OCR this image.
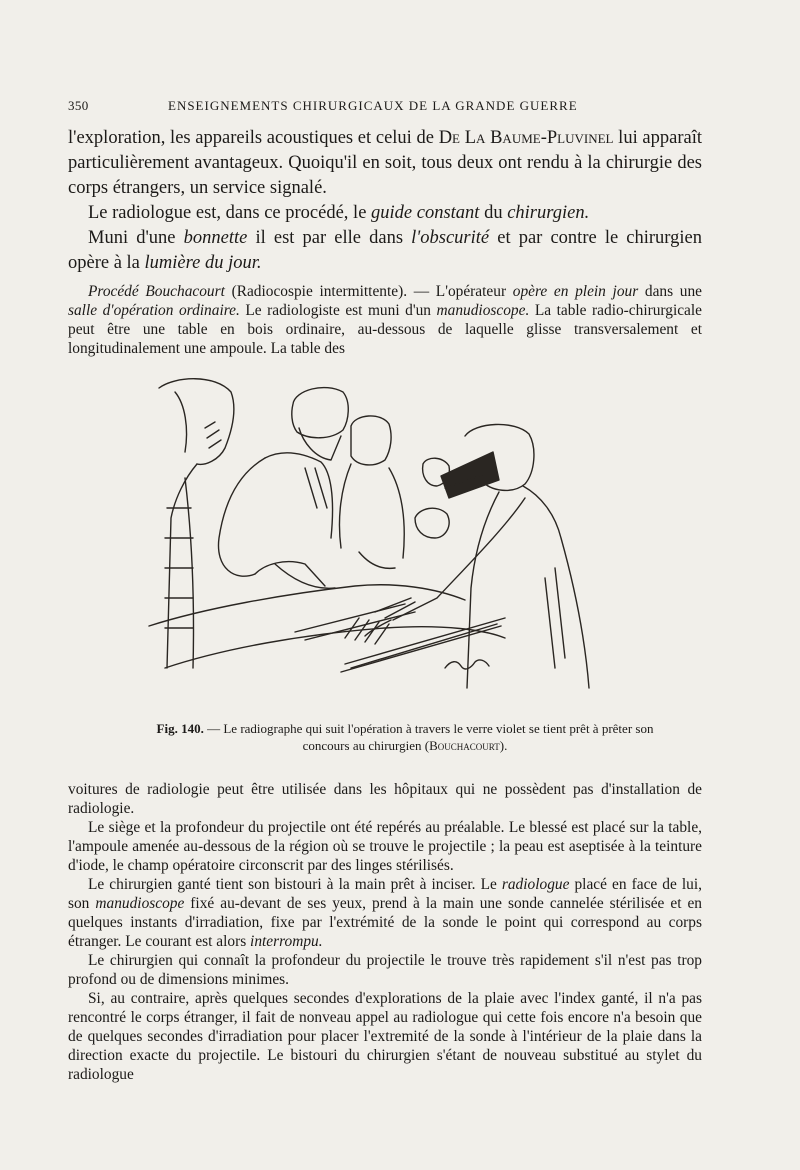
350	ENSEIGNEMENTS CHIRURGICAUX DE LA GRANDE GUERRE

l'exploration, les appareils acoustiques et celui de De La Baume-Pluvinel lui apparaît particulièrement avantageux. Quoiqu'il en soit, tous deux ont rendu à la chirurgie des corps étrangers, un service signalé.

Le radiologue est, dans ce procédé, le guide constant du chirurgien.

Muni d'une bonnette il est par elle dans l'obscurité et par contre le chirurgien opère à la lumière du jour.

Procédé Bouchacourt (Radiocospie intermittente). — L'opérateur opère en plein jour dans une salle d'opération ordinaire. Le radiologiste est muni d'un manudioscope. La table radio-chirurgicale peut être une table en bois ordinaire, au-dessous de laquelle glisse transversalement et longitudinalement une ampoule. La table des

Fig. 140. — Le radiographe qui suit l'opération à travers le verre violet se tient prêt à prêter son concours au chirurgien (Bouchacourt).

voitures de radiologie peut être utilisée dans les hôpitaux qui ne possèdent pas d'installation de radiologie.

Le siège et la profondeur du projectile ont été repérés au préalable. Le blessé est placé sur la table, l'ampoule amenée au-dessous de la région où se trouve le projectile ; la peau est aseptisée à la teinture d'iode, le champ opératoire circonscrit par des linges stérilisés.

Le chirurgien ganté tient son bistouri à la main prêt à inciser. Le radiologue placé en face de lui, son manudioscope fixé au-devant de ses yeux, prend à la main une sonde cannelée stérilisée et en quelques instants d'irradiation, fixe par l'extrémité de la sonde le point qui correspond au corps étranger. Le courant est alors interrompu.

Le chirurgien qui connaît la profondeur du projectile le trouve très rapidement s'il n'est pas trop profond ou de dimensions minimes.

Si, au contraire, après quelques secondes d'explorations de la plaie avec l'index ganté, il n'a pas rencontré le corps étranger, il fait de nonveau appel au radiologue qui cette fois encore n'a besoin que de quelques secondes d'irradiation pour placer l'extremité de la sonde à l'intérieur de la plaie dans la direction exacte du projectile. Le bistouri du chirurgien s'étant de nouveau substitué au stylet du radiologue
